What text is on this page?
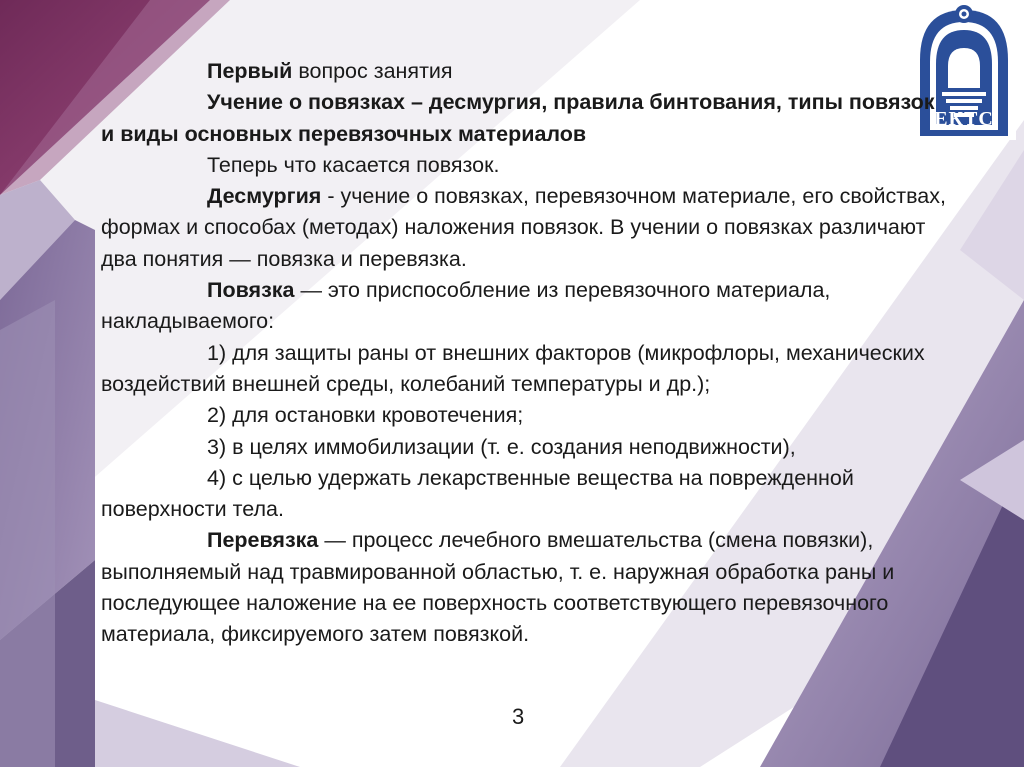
ЕКТС

Первый вопрос занятия

Учение о повязках – десмургия, правила бинтования, типы повязок и виды основных перевязочных материалов

Теперь что касается повязок.

Десмургия - учение о повязках, перевязочном материале, его свойствах, формах и способах (методах) наложения повязок. В учении о повязках различают два понятия — повязка и перевязка.

Повязка — это приспособление из перевязочного материала, накладываемого:

1) для защиты раны от внешних факторов (микрофлоры, механических воздействий внешней среды, колебаний температуры и др.);

2) для остановки кровотечения;

3) в целях иммобилизации (т. е. создания неподвижности),

4) с целью удержать лекарственные вещества на поврежденной поверхности тела.

Перевязка — процесс лечебного вмешательства (смена повязки), выполняемый над травмированной областью, т. е. наружная обработка раны и последующее наложение на ее поверхность соответствующего перевязочного материала, фиксируемого затем повязкой.

3
